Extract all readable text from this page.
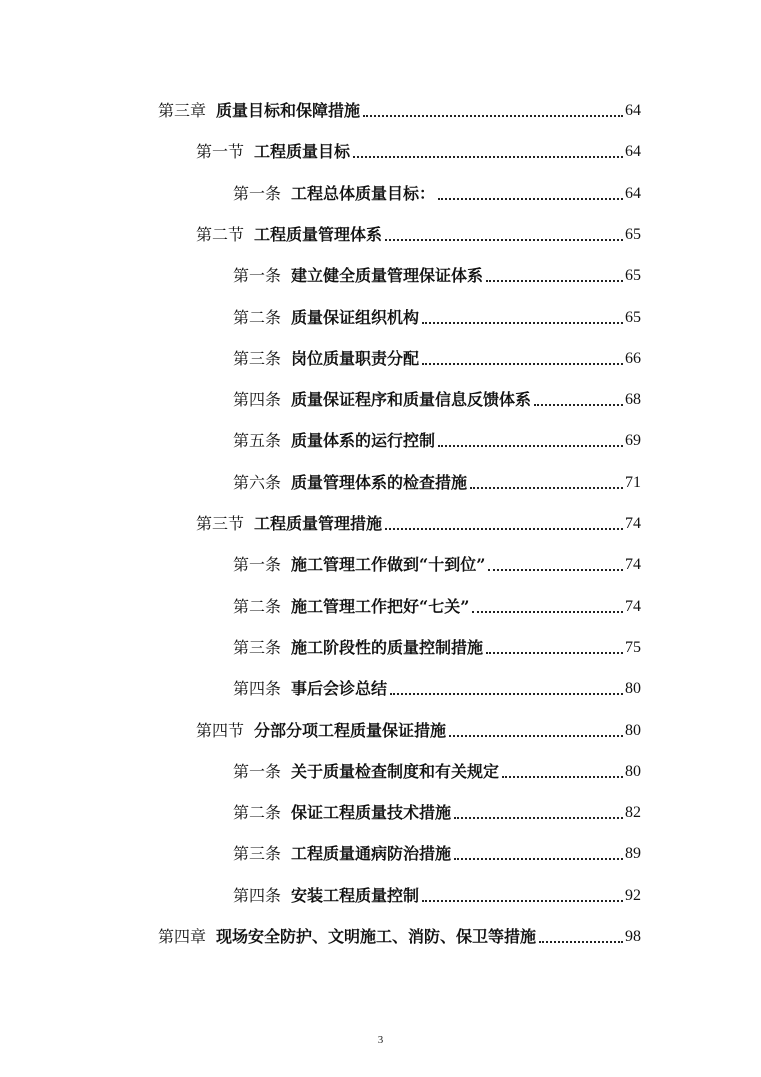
第三章 质量目标和保障措施	64
第一节 工程质量目标	64
第一条 工程总体质量目标：	64
第二节 工程质量管理体系	65
第一条 建立健全质量管理保证体系	65
第二条 质量保证组织机构	65
第三条 岗位质量职责分配	66
第四条 质量保证程序和质量信息反馈体系	68
第五条 质量体系的运行控制	69
第六条 质量管理体系的检查措施	71
第三节 工程质量管理措施	74
第一条 施工管理工作做到“十到位”	74
第二条 施工管理工作把好“七关”	74
第三条 施工阶段性的质量控制措施	75
第四条 事后会诊总结	80
第四节 分部分项工程质量保证措施	80
第一条 关于质量检查制度和有关规定	80
第二条 保证工程质量技术措施	82
第三条 工程质量通病防治措施	89
第四条 安装工程质量控制	92
第四章 现场安全防护、文明施工、消防、保卫等措施	98
3
